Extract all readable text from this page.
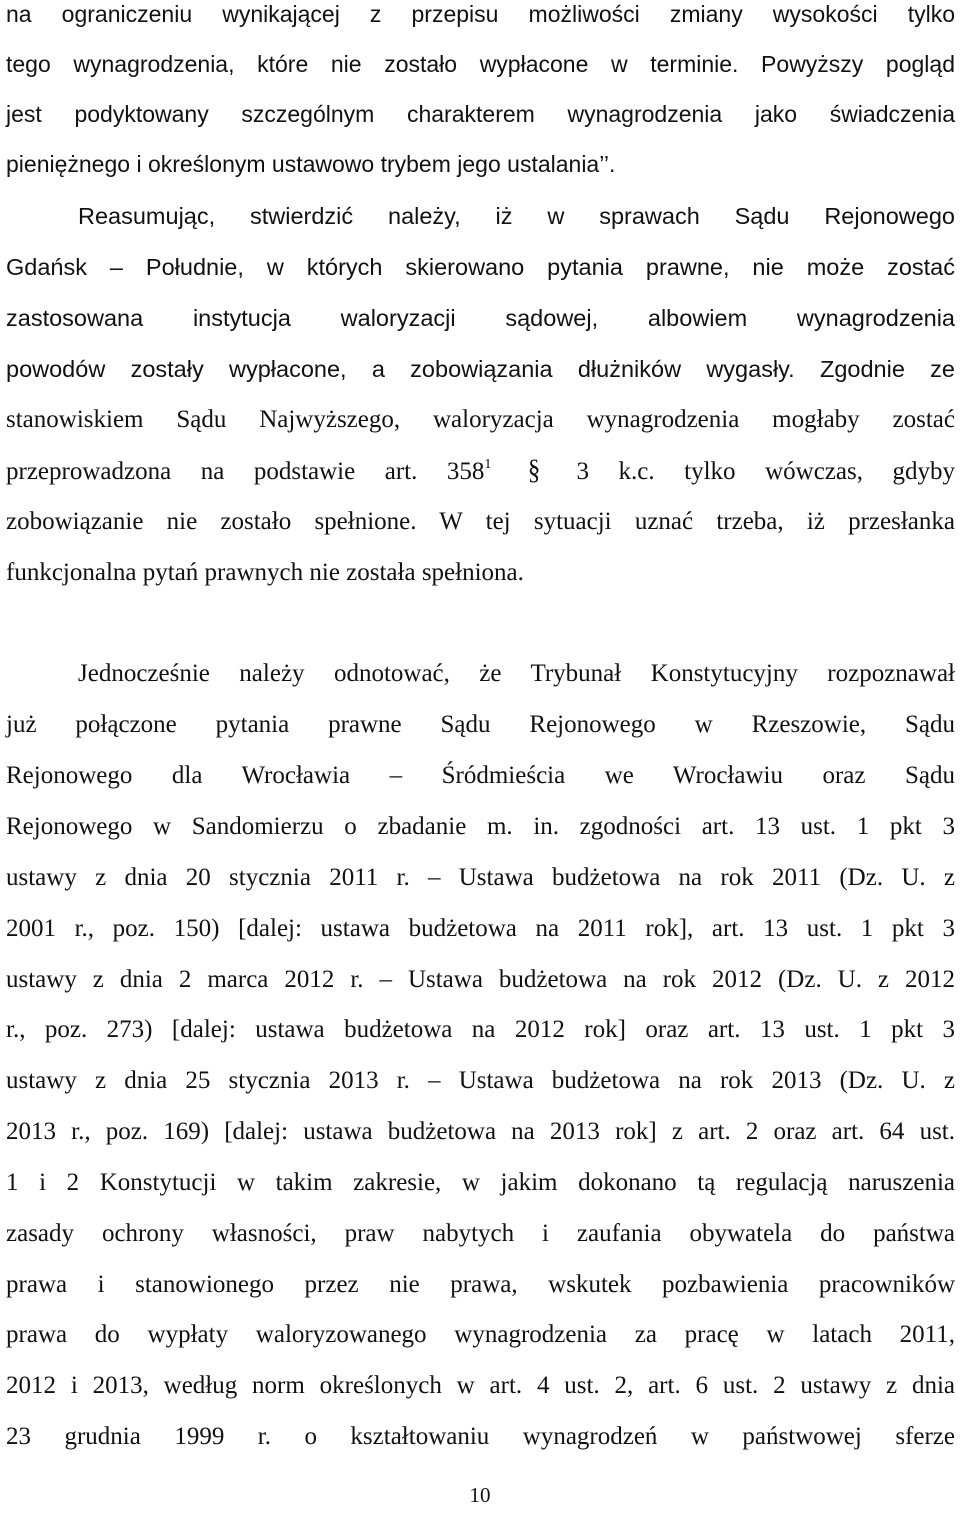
na ograniczeniu wynikającej z przepisu możliwości zmiany wysokości tylko
tego wynagrodzenia, które nie zostało wypłacone w terminie. Powyższy pogląd
jest podyktowany szczególnym charakterem wynagrodzenia jako świadczenia
pieniężnego i określonym ustawowo trybem jego ustalania’’.
Reasumując, stwierdzić należy, iż w sprawach Sądu Rejonowego
Gdańsk – Południe, w których skierowano pytania prawne, nie może zostać
zastosowana instytucja waloryzacji sądowej, albowiem wynagrodzenia
powodów zostały wypłacone, a zobowiązania dłużników wygasły. Zgodnie ze
stanowiskiem Sądu Najwyższego, waloryzacja wynagrodzenia mogłaby zostać
przeprowadzona na podstawie art. $358^1$ § 3 k.c. tylko wówczas, gdyby
zobowiązanie nie zostało spełnione. W tej sytuacji uznać trzeba, iż przesłanka
funkcjonalna pytań prawnych nie została spełniona.
Jednocześnie należy odnotować, że Trybunał Konstytucyjny rozpoznawał
już połączone pytania prawne Sądu Rejonowego w Rzeszowie, Sądu
Rejonowego dla Wrocławia – Śródmieścia we Wrocławiu oraz Sądu
Rejonowego w Sandomierzu o zbadanie m. in. zgodności art. 13 ust. 1 pkt 3
ustawy z dnia 20 stycznia 2011 r. – Ustawa budżetowa na rok 2011 (Dz. U. z
2001 r., poz. 150) [dalej: ustawa budżetowa na 2011 rok], art. 13 ust. 1 pkt 3
ustawy z dnia 2 marca 2012 r. – Ustawa budżetowa na rok 2012 (Dz. U. z 2012
r., poz. 273) [dalej: ustawa budżetowa na 2012 rok] oraz art. 13 ust. 1 pkt 3
ustawy z dnia 25 stycznia 2013 r. – Ustawa budżetowa na rok 2013 (Dz. U. z
2013 r., poz. 169) [dalej: ustawa budżetowa na 2013 rok] z art. 2 oraz art. 64 ust.
1 i 2 Konstytucji w takim zakresie, w jakim dokonano tą regulacją naruszenia
zasady ochrony własności, praw nabytych i zaufania obywatela do państwa
prawa i stanowionego przez nie prawa, wskutek pozbawienia pracowników
prawa do wypłaty waloryzowanego wynagrodzenia za pracę w latach 2011,
2012 i 2013, według norm określonych w art. 4 ust. 2, art. 6 ust. 2 ustawy z dnia
23 grudnia 1999 r. o kształtowaniu wynagrodzeń w państwowej sferze
10
